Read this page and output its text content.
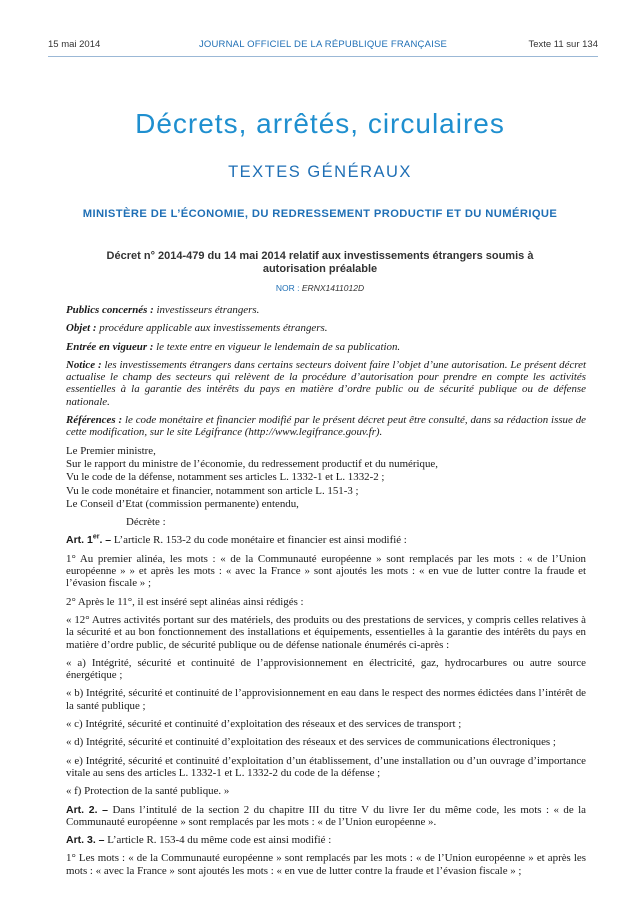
15 mai 2014	JOURNAL OFFICIEL DE LA RÉPUBLIQUE FRANÇAISE	Texte 11 sur 134
Décrets, arrêtés, circulaires
TEXTES GÉNÉRAUX
MINISTÈRE DE L’ÉCONOMIE, DU REDRESSEMENT PRODUCTIF ET DU NUMÉRIQUE
Décret n° 2014-479 du 14 mai 2014 relatif aux investissements étrangers soumis à autorisation préalable
NOR : ERNX1411012D

Publics concernés : investisseurs étrangers.

Objet : procédure applicable aux investissements étrangers.

Entrée en vigueur : le texte entre en vigueur le lendemain de sa publication.

Notice : les investissements étrangers dans certains secteurs doivent faire l’objet d’une autorisation. Le présent décret actualise le champ des secteurs qui relèvent de la procédure d’autorisation pour prendre en compte les activités essentielles à la garantie des intérêts du pays en matière d’ordre public ou de sécurité publique ou de défense nationale.

Références : le code monétaire et financier modifié par le présent décret peut être consulté, dans sa rédaction issue de cette modification, sur le site Légifrance (http://www.legifrance.gouv.fr).

Le Premier ministre,

Sur le rapport du ministre de l’économie, du redressement productif et du numérique,

Vu le code de la défense, notamment ses articles L. 1332-1 et L. 1332-2 ;

Vu le code monétaire et financier, notamment son article L. 151-3 ;

Le Conseil d’Etat (commission permanente) entendu,

Décrète :

Art. 1er. – L’article R. 153-2 du code monétaire et financier est ainsi modifié :

1° Au premier alinéa, les mots : « de la Communauté européenne » sont remplacés par les mots : « de l’Union européenne » » et après les mots : « avec la France » sont ajoutés les mots : « en vue de lutter contre la fraude et l’évasion fiscale » ;

2° Après le 11°, il est inséré sept alinéas ainsi rédigés :

« 12° Autres activités portant sur des matériels, des produits ou des prestations de services, y compris celles relatives à la sécurité et au bon fonctionnement des installations et équipements, essentielles à la garantie des intérêts du pays en matière d’ordre public, de sécurité publique ou de défense nationale énumérés ci-après :

« a) Intégrité, sécurité et continuité de l’approvisionnement en électricité, gaz, hydrocarbures ou autre source énergétique ;

« b) Intégrité, sécurité et continuité de l’approvisionnement en eau dans le respect des normes édictées dans l’intérêt de la santé publique ;

« c) Intégrité, sécurité et continuité d’exploitation des réseaux et des services de transport ;

« d) Intégrité, sécurité et continuité d’exploitation des réseaux et des services de communications électroniques ;

« e) Intégrité, sécurité et continuité d’exploitation d’un établissement, d’une installation ou d’un ouvrage d’importance vitale au sens des articles L. 1332-1 et L. 1332-2 du code de la défense ;

« f) Protection de la santé publique. »

Art. 2. – Dans l’intitulé de la section 2 du chapitre III du titre V du livre Ier du même code, les mots : « de la Communauté européenne » sont remplacés par les mots : « de l’Union européenne ».

Art. 3. – L’article R. 153-4 du même code est ainsi modifié :

1° Les mots : « de la Communauté européenne » sont remplacés par les mots : « de l’Union européenne » et après les mots : « avec la France » sont ajoutés les mots : « en vue de lutter contre la fraude et l’évasion fiscale » ;
